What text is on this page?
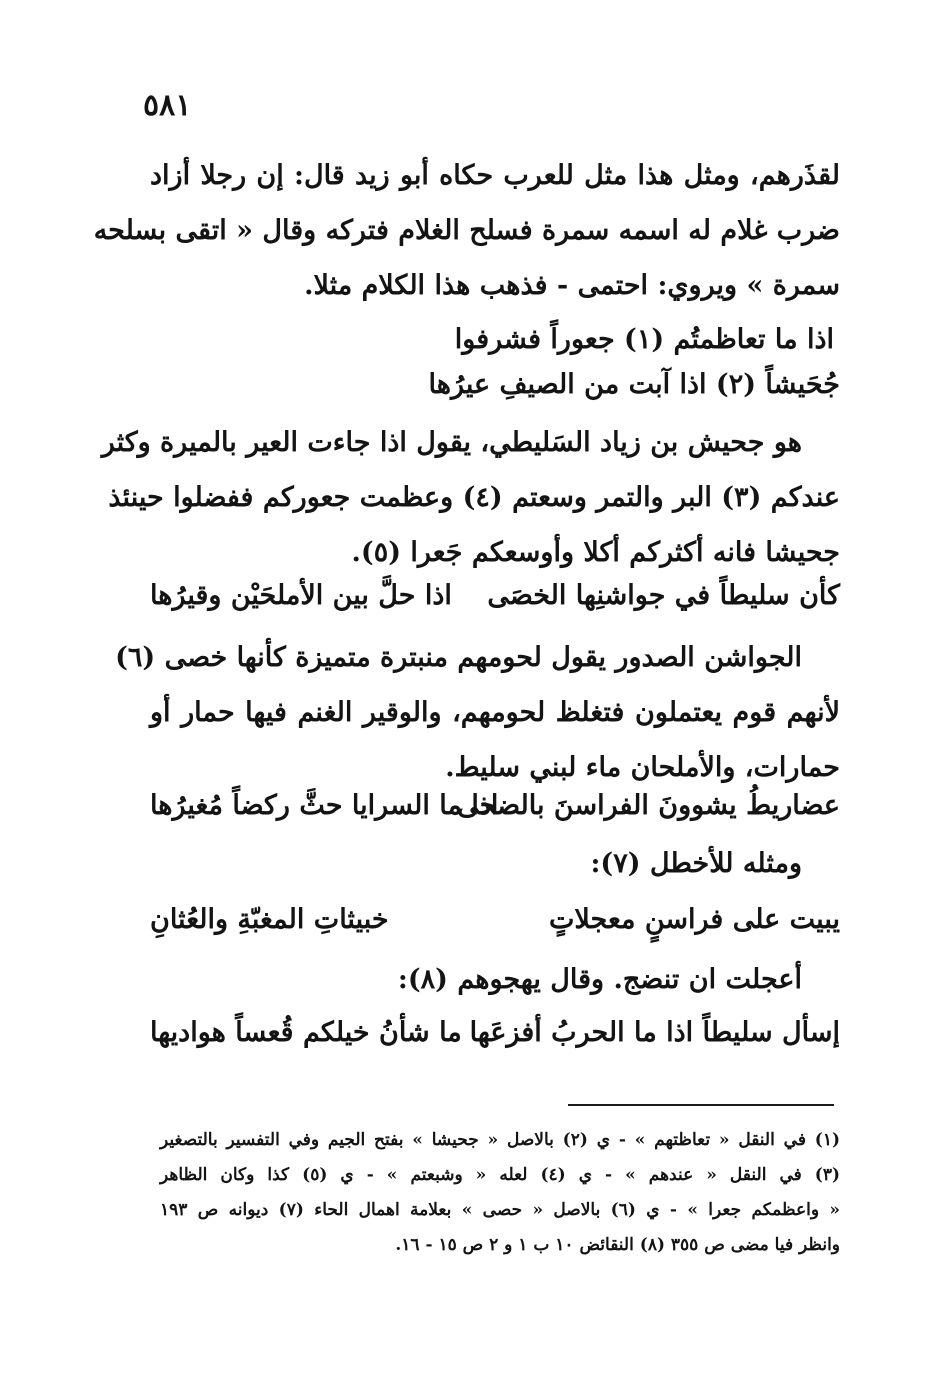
٥٨١
لقذَرهم، ومثل هذا مثل للعرب حكاه أبو زيد قال: إن رجلا أزاد
ضرب غلام له اسمه سمرة فسلح الغلام فتركه وقال « اتقى بسلحه
سمرة » ويروي: احتمى - فذهب هذا الكلام مثلا.
اذا ما تعاظمتُم (١) جعوراً فشرفوا
جُحَيشاً (٢) اذا آبت من الصيفِ عيرُها
هو جحيش بن زياد السَليطي، يقول اذا جاءت العير بالميرة وكثر
عندكم (٣) البر والتمر وسعتم (٤) وعظمت جعوركم ففضلوا حينئذ
جحيشا فانه أكثركم أكلا وأوسعكم جَعرا (٥).
كأن سليطاً في جواشنِها الخصَى
اذا حلَّ بين الأملحَيْن وقيرُها
الجواشن الصدور يقول لحومهم منبترة متميزة كأنها خصى (٦)
لأنهم قوم يعتملون فتغلظ لحومهم، والوقير الغنم فيها حمار أو
حمارات، والأملحان ماء لبني سليط.
عضاريطُ يشوونَ الفراسنَ بالضحى
اذا ما السرايا حثَّ ركضاً مُغيرُها
ومثله للأخطل (٧):
يبيت على فراسنٍ معجلاتٍ
خبيثاتِ المغبّةِ والعُثانِ
أعجلت ان تنضج. وقال يهجوهم (٨):
إسأل سليطاً اذا ما الحربُ أفزعَها
ما شأنُ خيلكم قُعساً هواديها
(١) في النقل « تعاظتهم » - ي (٢) بالاصل « جحيشا » بفتح الجيم وفي التفسير بالتصغير
(٣) في النقل « عندهم » - ي (٤) لعله « وشبعتم » - ي (٥) كذا وكان الظاهر
« واعظمكم جعرا » - ي (٦) بالاصل « حصى » بعلامة اهمال الحاء (٧) ديوانه ص ١٩٣
وانظر فيا مضى ص ٣٥٥ (٨) النقائض ١٠ ب ١ و ٢ ص ١٥ - ١٦.
